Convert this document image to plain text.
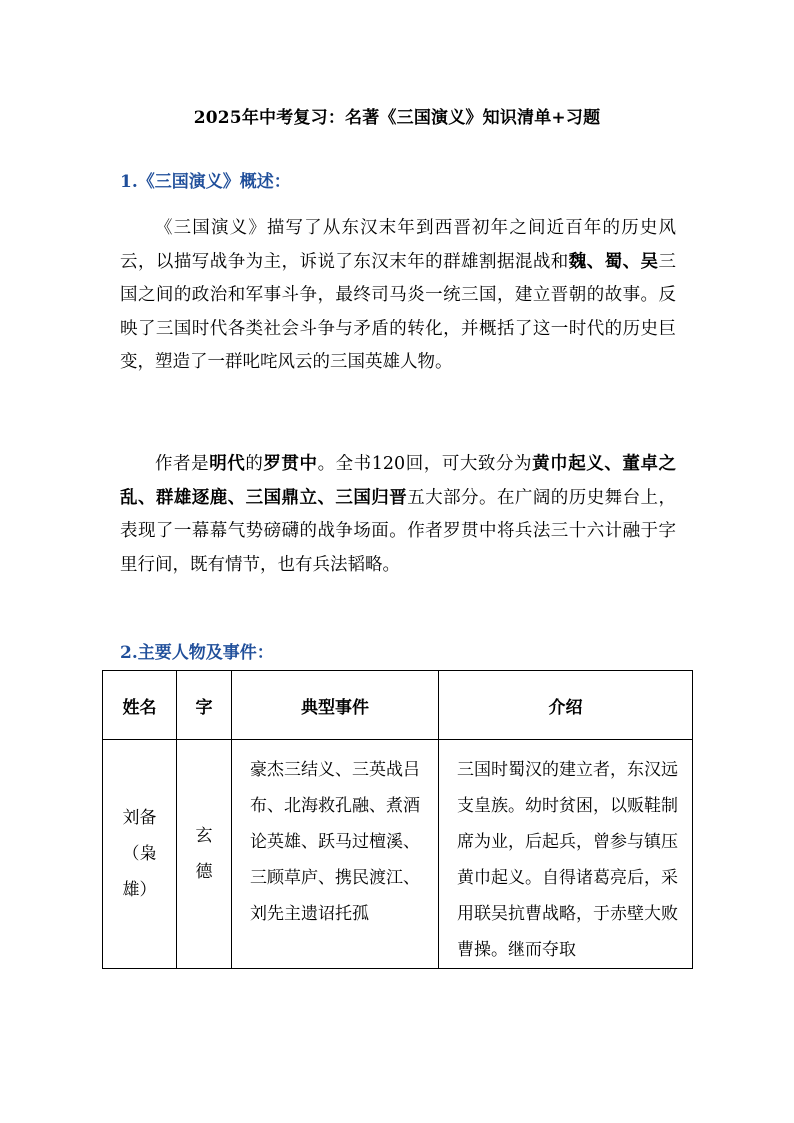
2025年中考复习：名著《三国演义》知识清单+习题
1.《三国演义》概述：

《三国演义》描写了从东汉末年到西晋初年之间近百年的历史风云，以描写战争为主，诉说了东汉末年的群雄割据混战和魏、蜀、吴三国之间的政治和军事斗争，最终司马炎一统三国，建立晋朝的故事。反映了三国时代各类社会斗争与矛盾的转化，并概括了这一时代的历史巨变，塑造了一群叱咤风云的三国英雄人物。

作者是明代的罗贯中。全书120回，可大致分为黄巾起义、董卓之乱、群雄逐鹿、三国鼎立、三国归晋五大部分。在广阔的历史舞台上，表现了一幕幕气势磅礴的战争场面。作者罗贯中将兵法三十六计融于字里行间，既有情节，也有兵法韬略。

2.主要人物及事件：
姓名	字	典型事件	介绍
刘备（枭雄）	玄德	豪杰三结义、三英战吕布、北海救孔融、煮酒论英雄、跃马过檀溪、三顾草庐、携民渡江、刘先主遗诏托孤	三国时蜀汉的建立者，东汉远支皇族。幼时贫困，以贩鞋制席为业，后起兵，曾参与镇压黄巾起义。自得诸葛亮后，采用联吴抗曹战略，于赤壁大败曹操。继而夺取
